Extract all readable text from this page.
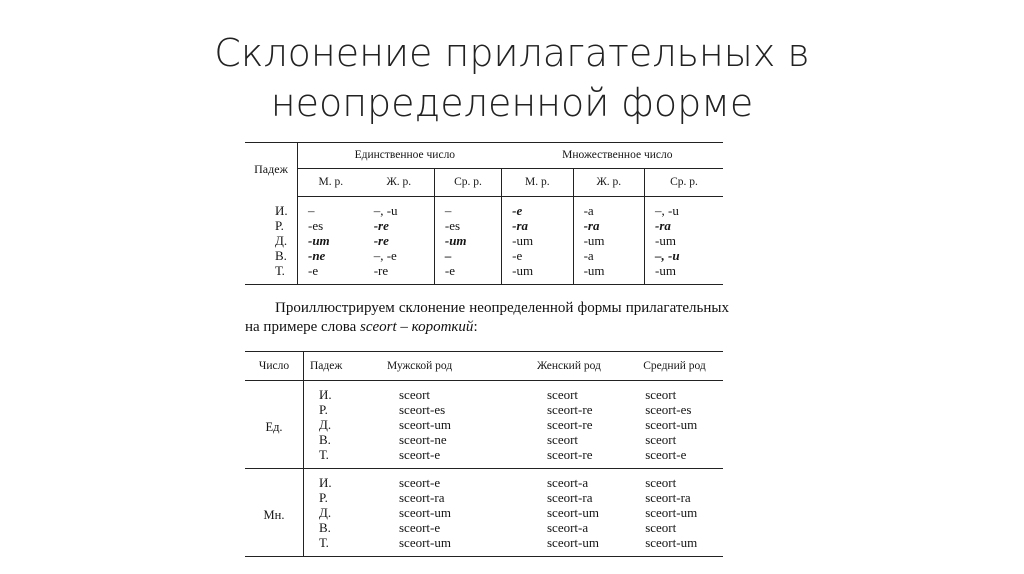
Склонение прилагательных в
неопределенной форме
Падеж	Единственное число			Множественное число		
	М. р.	Ж. р.	Ср. р.	М. р.	Ж. р.	Ср. р.
И.	–	–, -u	–	-e	-a	–, -u
Р.	-es	-re	-es	-ra	-ra	-ra
Д.	-um	-re	-um	-um	-um	-um
В.	-ne	–, -e	–	-e	-a	–, -u
Т.	-e	-re	-e	-um	-um	-um

Проиллюстрируем склонение неопределенной формы прилагательных на примере слова sceort – короткий:

Число	Падеж	Мужской род	Женский род	Средний род
Ед.	И.	sceort	sceort	sceort
	Р.	sceort-es	sceort-re	sceort-es
	Д.	sceort-um	sceort-re	sceort-um
	В.	sceort-ne	sceort	sceort
	Т.	sceort-e	sceort-re	sceort-e
Мн.	И.	sceort-e	sceort-a	sceort
	Р.	sceort-ra	sceort-ra	sceort-ra
	Д.	sceort-um	sceort-um	sceort-um
	В.	sceort-e	sceort-a	sceort
	Т.	sceort-um	sceort-um	sceort-um
